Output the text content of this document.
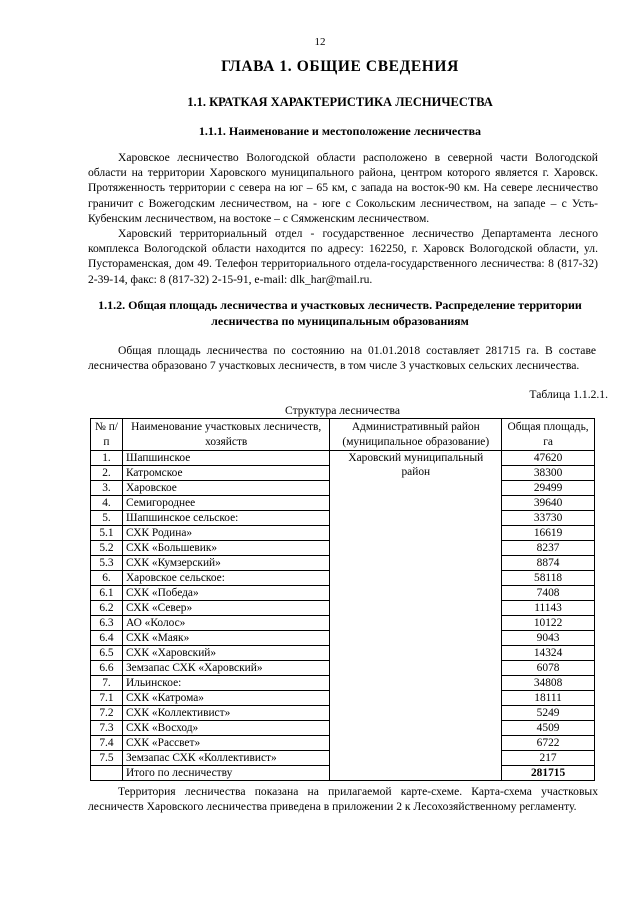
12
ГЛАВА 1. ОБЩИЕ СВЕДЕНИЯ
1.1. КРАТКАЯ ХАРАКТЕРИСТИКА ЛЕСНИЧЕСТВА
1.1.1. Наименование и местоположение лесничества

Харовское лесничество Вологодской области расположено в северной части Вологодской области на территории Харовского муниципального района, центром которого является г. Харовск. Протяженность территории с севера на юг – 65 км, с запада на восток-90 км. На севере лесничество граничит с Вожегодским лесничеством, на - юге с Сокольским лесничеством, на западе – с Усть-Кубенским лесничеством, на востоке – с Сямженским лесничеством.

Харовский территориальный отдел - государственное лесничество Департамента лесного комплекса Вологодской области находится по адресу: 162250, г. Харовск Вологодской области, ул. Пустораменская, дом 49. Телефон территориального отдела-государственного лесничества: 8 (817-32) 2-39-14, факс: 8 (817-32) 2-15-91, e-mail: dlk_har@mail.ru.

1.1.2. Общая площадь лесничества и участковых лесничеств. Распределение территории лесничества по муниципальным образованиям

Общая площадь лесничества по состоянию на 01.01.2018 составляет 281715 га. В составе лесничества образовано 7 участковых лесничеств, в том числе 3 участковых сельских лесничества.

Таблица 1.1.2.1.
Структура лесничества
№ п/п	Наименование участковых лесничеств, хозяйств	Административный район (муниципальное образование)	Общая площадь, га
1.	Шапшинское	Харовский муниципальный район	47620
2.	Катромское		38300
3.	Харовское		29499
4.	Семигороднее		39640
5.	Шапшинское сельское:		33730
5.1	СХК Родина»		16619
5.2	СХК «Большевик»		8237
5.3	СХК «Кумзерский»		8874
6.	Харовское сельское:		58118
6.1	СХК «Победа»		7408
6.2	СХК «Север»		11143
6.3	АО «Колос»		10122
6.4	СХК «Маяк»		9043
6.5	СХК «Харовский»		14324
6.6	Земзапас СХК «Харовский»		6078
7.	Ильинское:		34808
7.1	СХК «Катрома»		18111
7.2	СХК «Коллективист»		5249
7.3	СХК «Восход»		4509
7.4	СХК «Рассвет»		6722
7.5	Земзапас СХК «Коллективист»		217
	Итого по лесничеству		281715

Территория лесничества показана на прилагаемой карте-схеме. Карта-схема участковых лесничеств Харовского лесничества приведена в приложении 2 к Лесохозяйственному регламенту.
